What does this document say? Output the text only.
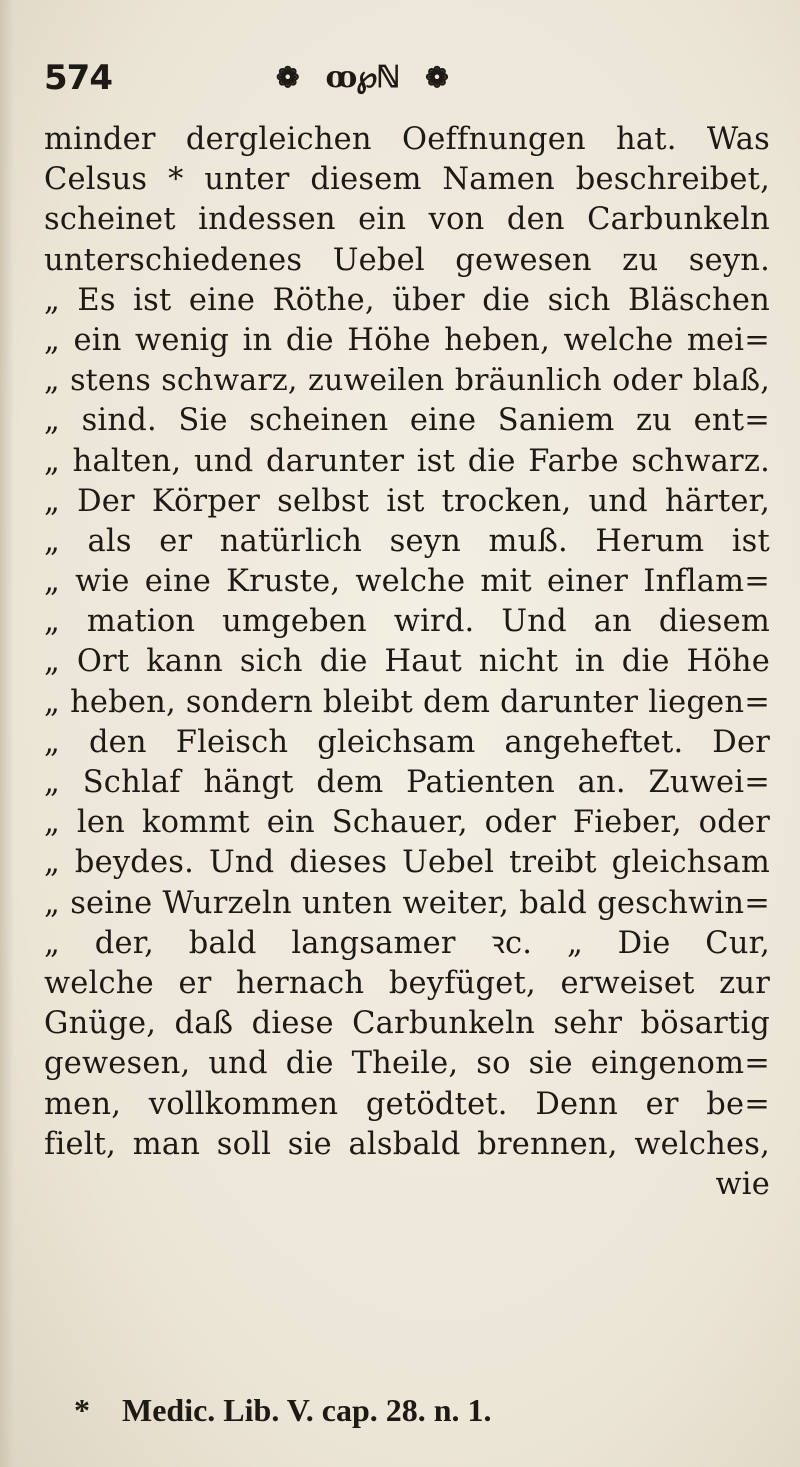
574	❁ ꝏ℘ℕ ❁
minder dergleichen Oeffnungen hat. Was
Celsus * unter diesem Namen beschreibet,
scheinet indessen ein von den Carbunkeln
unterschiedenes Uebel gewesen zu seyn.
„ Es ist eine Röthe, über die sich Bläschen
„ ein wenig in die Höhe heben, welche mei=
„ stens schwarz, zuweilen bräunlich oder blaß,
„ sind. Sie scheinen eine Saniem zu ent=
„ halten, und darunter ist die Farbe schwarz.
„ Der Körper selbst ist trocken, und härter,
„ als er natürlich seyn muß. Herum ist
„ wie eine Kruste, welche mit einer Inflam=
„ mation umgeben wird. Und an diesem
„ Ort kann sich die Haut nicht in die Höhe
„ heben, sondern bleibt dem darunter liegen=
„ den Fleisch gleichsam angeheftet. Der
„ Schlaf hängt dem Patienten an. Zuwei=
„ len kommt ein Schauer, oder Fieber, oder
„ beydes. Und dieses Uebel treibt gleichsam
„ seine Wurzeln unten weiter, bald geschwin=
„ der, bald langsamer ꝛc. „ Die Cur,
welche er hernach beyfüget, erweiset zur
Gnüge, daß diese Carbunkeln sehr bösartig
gewesen, und die Theile, so sie eingenom=
men, vollkommen getödtet. Denn er be=
fielt, man soll sie alsbald brennen, welches,
wie
* Medic. Lib. V. cap. 28. n. 1.
